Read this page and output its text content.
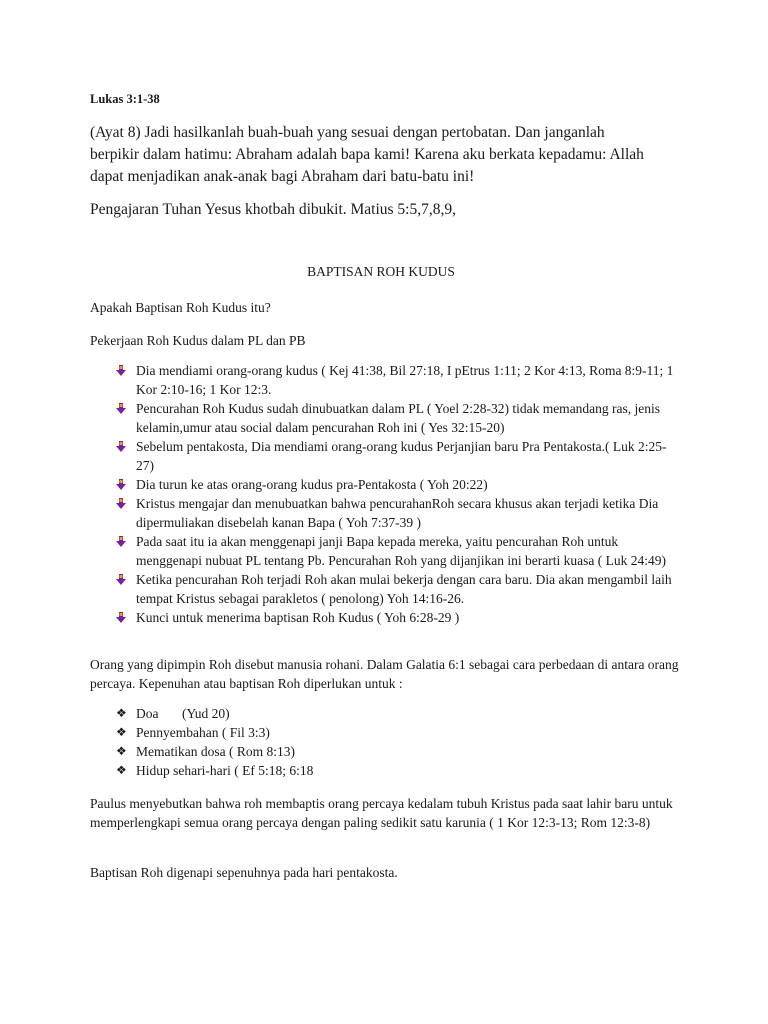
Lukas 3:1-38

(Ayat 8) Jadi hasilkanlah buah-buah yang sesuai dengan pertobatan. Dan janganlah berpikir dalam hatimu: Abraham adalah bapa kami! Karena aku berkata kepadamu: Allah dapat menjadikan anak-anak bagi Abraham dari batu-batu ini!

Pengajaran Tuhan Yesus khotbah dibukit. Matius 5:5,7,8,9,

BAPTISAN ROH KUDUS

Apakah Baptisan Roh Kudus itu?

Pekerjaan Roh Kudus dalam PL dan PB

Dia mendiami orang-orang kudus ( Kej 41:38, Bil 27:18, I pEtrus 1:11; 2 Kor 4:13, Roma 8:9-11; 1 Kor 2:10-16; 1 Kor 12:3.
Pencurahan Roh Kudus sudah dinubuatkan dalam PL ( Yoel 2:28-32) tidak memandang ras, jenis kelamin,umur atau social dalam pencurahan Roh ini ( Yes 32:15-20)
Sebelum pentakosta, Dia mendiami orang-orang kudus Perjanjian baru Pra Pentakosta.( Luk 2:25-27)
Dia turun ke atas orang-orang kudus pra-Pentakosta ( Yoh 20:22)
Kristus mengajar dan menubuatkan bahwa pencurahanRoh secara khusus akan terjadi ketika Dia dipermuliakan disebelah kanan Bapa ( Yoh 7:37-39 )
Pada saat itu ia akan menggenapi janji Bapa kepada mereka, yaitu pencurahan Roh untuk menggenapi nubuat PL tentang Pb. Pencurahan Roh yang dijanjikan ini berarti kuasa ( Luk 24:49)
Ketika pencurahan Roh terjadi Roh akan mulai bekerja dengan cara baru. Dia akan mengambil laih tempat Kristus sebagai parakletos ( penolong) Yoh 14:16-26.
Kunci untuk menerima baptisan Roh Kudus ( Yoh 6:28-29 )

Orang yang dipimpin Roh disebut manusia rohani. Dalam Galatia 6:1 sebagai cara perbedaan di antara orang percaya. Kepenuhan atau baptisan Roh diperlukan untuk :

❖ Doa (Yud 20)
❖ Pennyembahan ( Fil 3:3)
❖ Mematikan dosa ( Rom 8:13)
❖ Hidup sehari-hari ( Ef 5:18; 6:18

Paulus menyebutkan bahwa roh membaptis orang percaya kedalam tubuh Kristus pada saat lahir baru untuk memperlengkapi semua orang percaya dengan paling sedikit satu karunia ( 1 Kor 12:3-13; Rom 12:3-8)

Baptisan Roh digenapi sepenuhnya pada hari pentakosta.
